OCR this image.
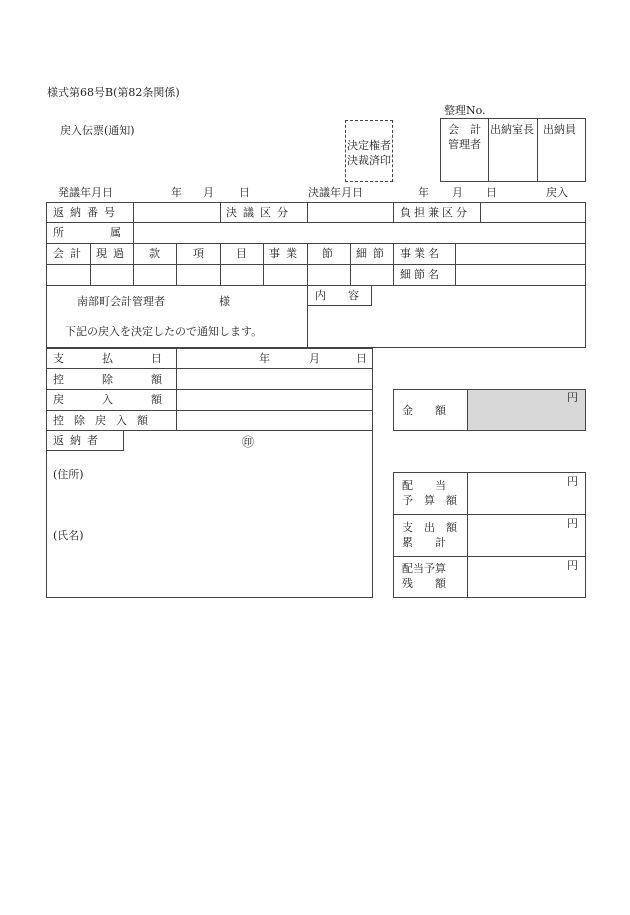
様式第68号B(第82条関係)
戻入伝票(通知)
整理No.
決定権者
決裁済印
会　計
管理者
出納室長 出納員
発議年月日	年 月 日	決議年月日	年 月 日	戻入
返納番号	決議区分	負担兼区分
所属
会計 現過 款	項	目 事業 節 細節 事業名
細節名
南部町会計管理者	様
下記の戻入を決定したので通知します。
内　　容
支払日	年	月	日
控除額
戻入額
控除戻入額
返納者	㊞
(住所)
(氏名)
金　　額
円
配　　当
予　算　額
円
支　出　額
累　　計
円
配当予算
残　　額
円
